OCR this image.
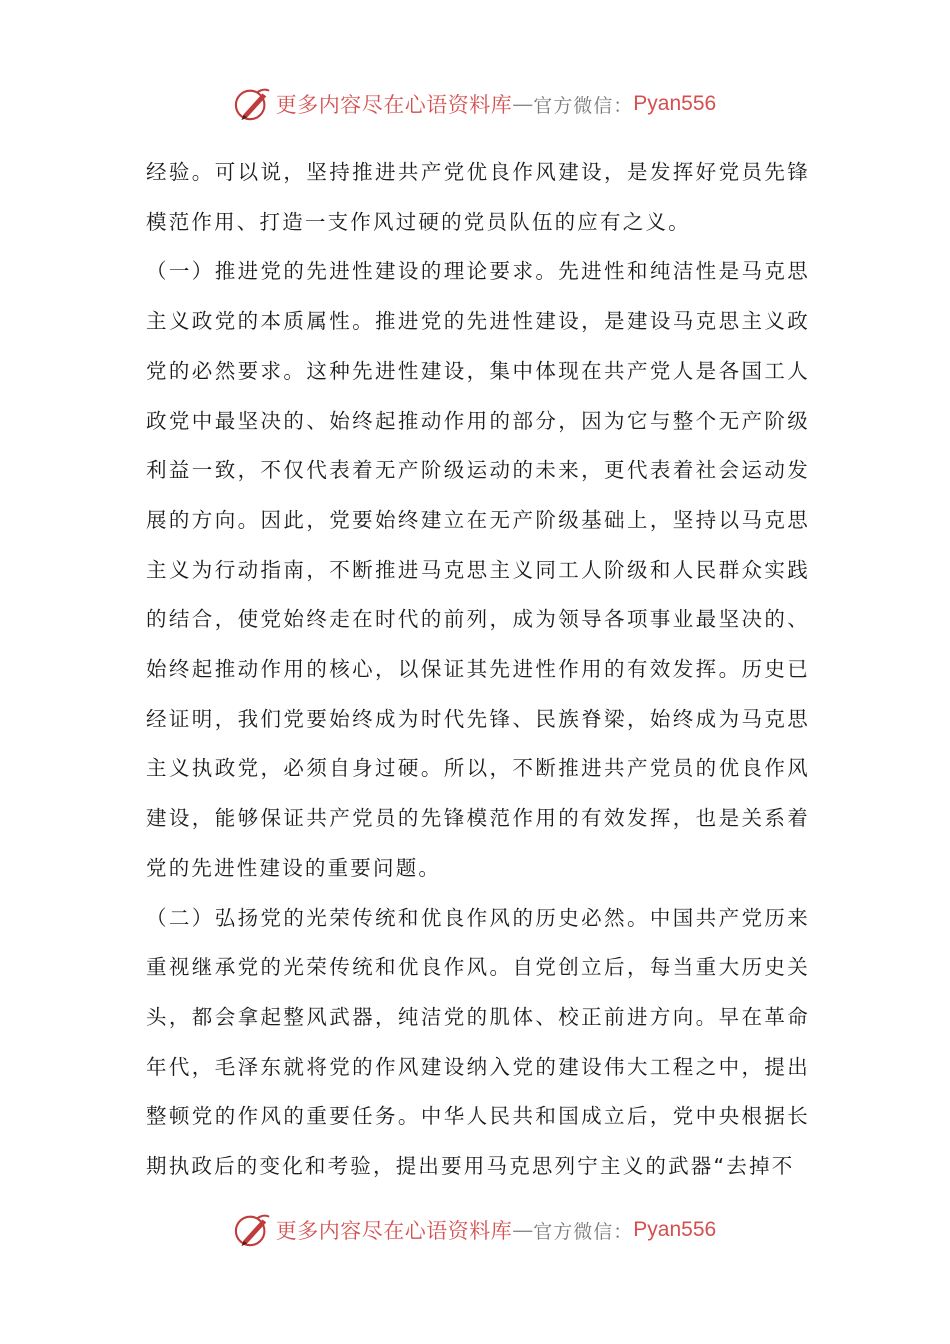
更多内容尽在心语资料库 — 官方微信： Pyan556

经验。可以说，坚持推进共产党优良作风建设，是发挥好党员先锋模范作用、打造一支作风过硬的党员队伍的应有之义。

（一）推进党的先进性建设的理论要求。先进性和纯洁性是马克思主义政党的本质属性。推进党的先进性建设，是建设马克思主义政党的必然要求。这种先进性建设，集中体现在共产党人是各国工人政党中最坚决的、始终起推动作用的部分，因为它与整个无产阶级利益一致，不仅代表着无产阶级运动的未来，更代表着社会运动发展的方向。因此，党要始终建立在无产阶级基础上，坚持以马克思主义为行动指南，不断推进马克思主义同工人阶级和人民群众实践的结合，使党始终走在时代的前列，成为领导各项事业最坚决的、始终起推动作用的核心，以保证其先进性作用的有效发挥。历史已经证明，我们党要始终成为时代先锋、民族脊梁，始终成为马克思主义执政党，必须自身过硬。所以，不断推进共产党员的优良作风建设，能够保证共产党员的先锋模范作用的有效发挥，也是关系着党的先进性建设的重要问题。

（二）弘扬党的光荣传统和优良作风的历史必然。中国共产党历来重视继承党的光荣传统和优良作风。自党创立后，每当重大历史关头，都会拿起整风武器，纯洁党的肌体、校正前进方向。早在革命年代，毛泽东就将党的作风建设纳入党的建设伟大工程之中，提出整顿党的作风的重要任务。中华人民共和国成立后，党中央根据长期执政后的变化和考验，提出要用马克思列宁主义的武器“去掉不

更多内容尽在心语资料库 — 官方微信： Pyan556
